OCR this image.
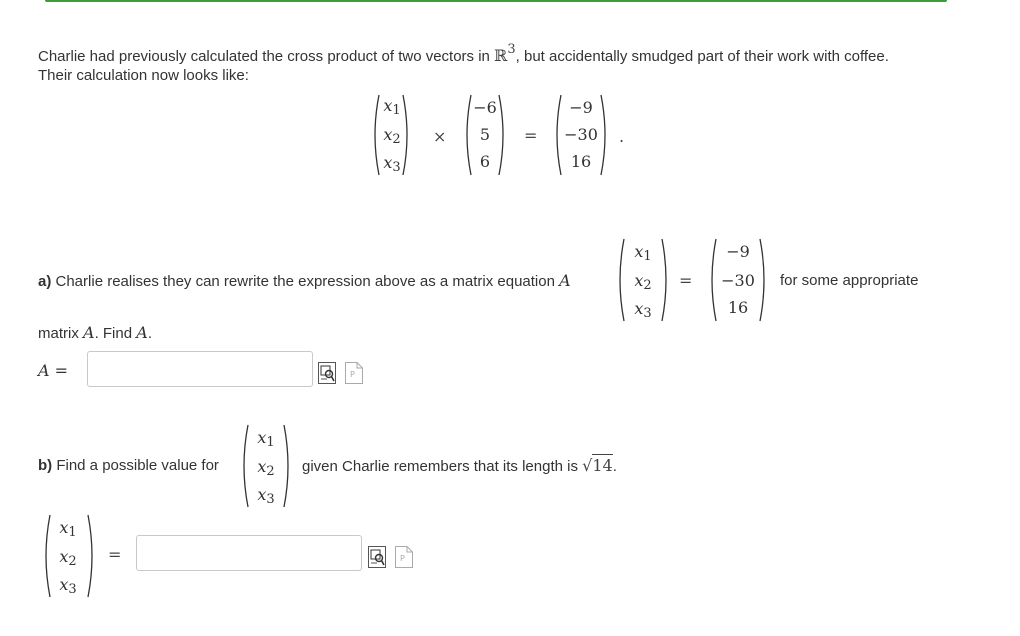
Charlie had previously calculated the cross product of two vectors in ℝ$^3$, but accidentally smudged part of their work with coffee.
Their calculation now looks like:
$x_1$
$x_2$
$x_3$
×
−6
5
6
=
−9
−30
16
.
a) Charlie realises they can rewrite the expression above as a matrix equation A
$x_1$
$x_2$
$x_3$
=
−9
−30
16
for some appropriate
matrix A. Find A.
A =	P
b) Find a possible value for
$x_1$
$x_2$
$x_3$
given Charlie remembers that its length is √14.
$x_1$
$x_2$
$x_3$
=	P
